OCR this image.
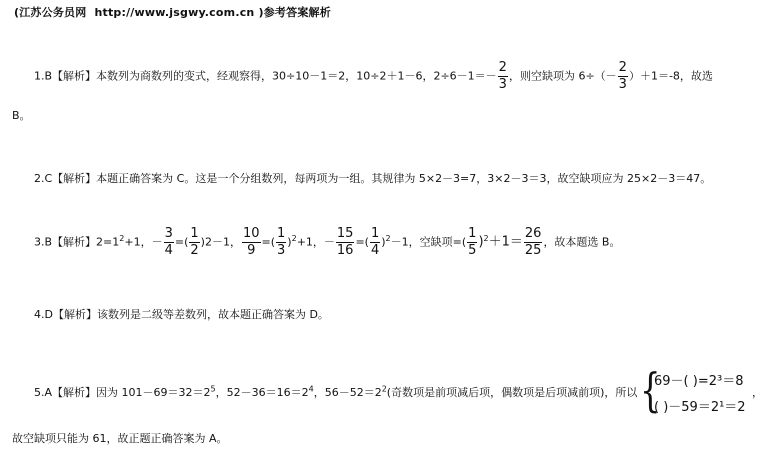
(江苏公务员网 http://www.jsgwy.com.cn )参考答案解析
1.B【解析】本数列为商数列的变式，经观察得，30÷10－1＝2，10÷2＋1－6，$2\div 6-1=- \frac{2}{3}$ ，则空缺项为 $6\div(- \frac{2}{3} )+1=-8$，故选
B。
2.C【解析】本题正确答案为 C。这是一个分组数列，每两项为一组。其规律为 5×2－3=7，3×2－3＝3，故空缺项应为 25×2－3＝47。
3.B【解析】$2=1^2+1$，－ $\frac{3}{4}$ =( $\frac{1}{2} )2-1$， $\frac{10}{9}$ =( $\frac{1}{3} )^2+1$，－ $\frac{15}{16}$ =( $\frac{1}{4} )^2-1$，空缺项=( $\frac{1}{5} )^2+1= \frac{26}{25}$ ，故本题选 B。
4.D【解析】该数列是二级等差数列，故本题正确答案为 D。
5.A【解析】因为 $101-69=32=2^5$，$52-36=16=2^4$，$56-52=2^2$(奇数项是前项减后项，偶数项是后项减前项)，所以 {
69－( )=2³＝8
( )－59＝2¹＝2
，
故空缺项只能为 61，故正题正确答案为 A。
